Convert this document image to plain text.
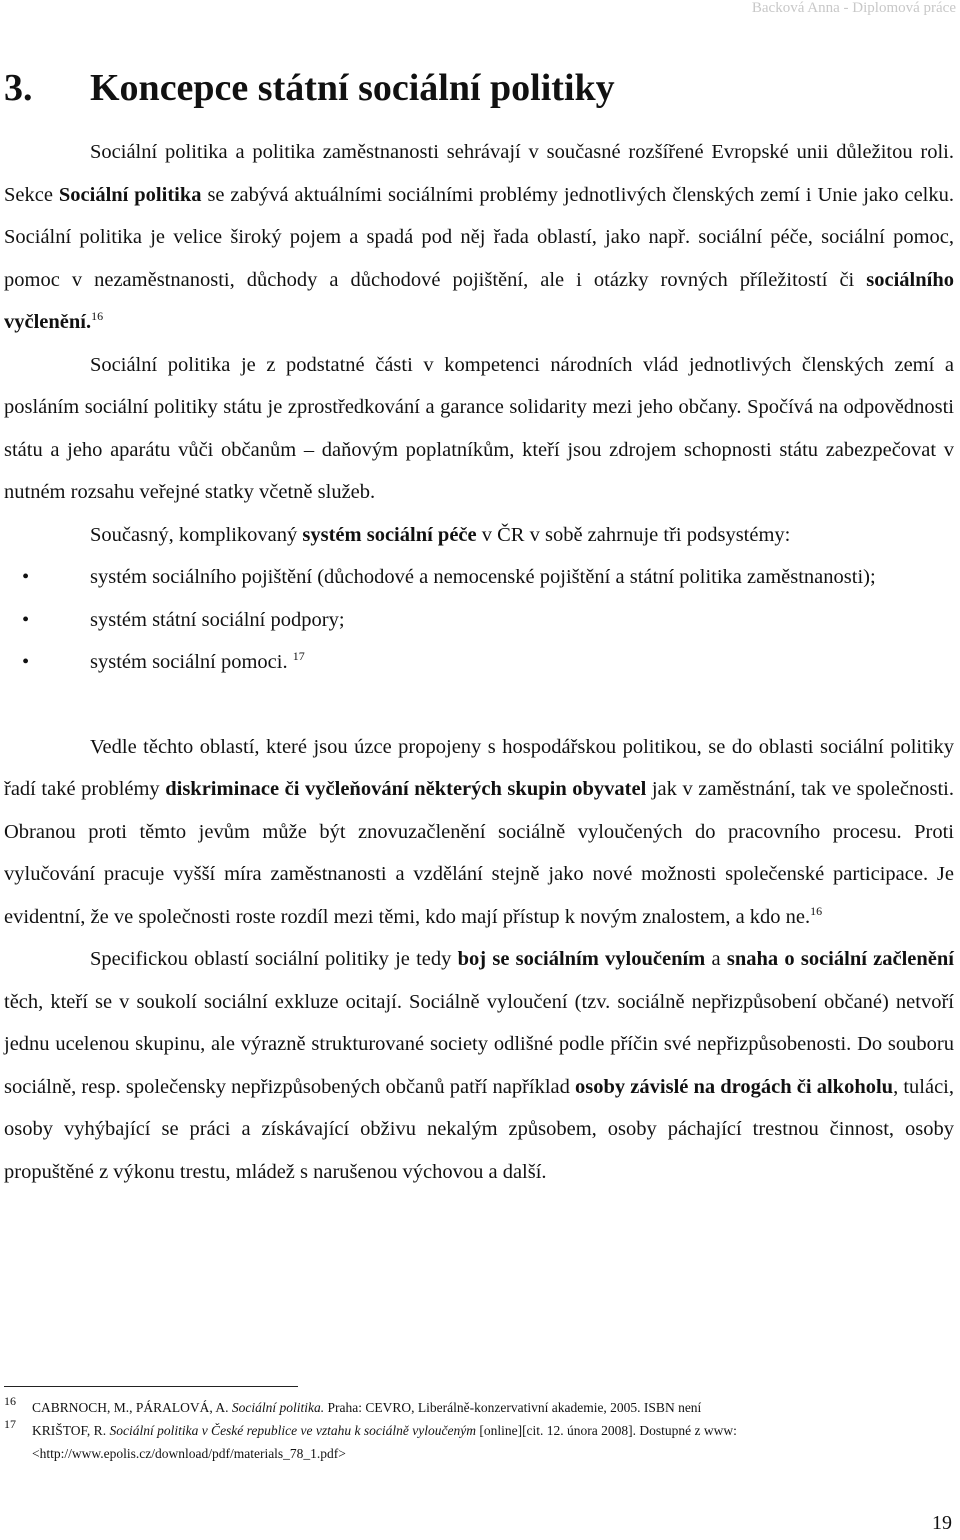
Backová Anna - Diplomová práce
3. Koncepce státní sociální politiky

Sociální politika a politika zaměstnanosti sehrávají v současné rozšířené Evropské unii důležitou roli. Sekce Sociální politika se zabývá aktuálními sociálními problémy jednotlivých členských zemí i Unie jako celku. Sociální politika je velice široký pojem a spadá pod něj řada oblastí, jako např. sociální péče, sociální pomoc, pomoc v nezaměstnanosti, důchody a důchodové pojištění, ale i otázky rovných příležitostí či sociálního vyčlenění.$^{16}$

Sociální politika je z podstatné části v kompetenci národních vlád jednotlivých členských zemí a posláním sociální politiky státu je zprostředkování a garance solidarity mezi jeho občany. Spočívá na odpovědnosti státu a jeho aparátu vůči občanům – daňovým poplatníkům, kteří jsou zdrojem schopnosti státu zabezpečovat v nutném rozsahu veřejné statky včetně služeb.

Současný, komplikovaný systém sociální péče v ČR v sobě zahrnuje tři podsystémy:

•	systém sociálního pojištění (důchodové a nemocenské pojištění a státní politika zaměstnanosti);
•	systém státní sociální podpory;
•	systém sociální pomoci. $^{17}$

Vedle těchto oblastí, které jsou úzce propojeny s hospodářskou politikou, se do oblasti sociální politiky řadí také problémy diskriminace či vyčleňování některých skupin obyvatel jak v zaměstnání, tak ve společnosti. Obranou proti těmto jevům může být znovuzačlenění sociálně vyloučených do pracovního procesu. Proti vylučování pracuje vyšší míra zaměstnanosti a vzdělání stejně jako nové možnosti společenské participace. Je evidentní, že ve společnosti roste rozdíl mezi těmi, kdo mají přístup k novým znalostem, a kdo ne.$^{16}$

Specifickou oblastí sociální politiky je tedy boj se sociálním vyloučením a snaha o sociální začlenění těch, kteří se v soukolí sociální exkluze ocitají. Sociálně vyloučení (tzv. sociálně nepřizpůsobení občané) netvoří jednu ucelenou skupinu, ale výrazně strukturované society odlišné podle příčin své nepřizpůsobenosti. Do souboru sociálně, resp. společensky nepřizpůsobených občanů patří například osoby závislé na drogách či alkoholu, tuláci, osoby vyhýbající se práci a získávající obživu nekalým způsobem, osoby páchající trestnou činnost, osoby propuštěné z výkonu trestu, mládež s narušenou výchovou a další.

16 CABRNOCH, M., PÁRALOVÁ, A. Sociální politika. Praha: CEVRO, Liberálně-konzervativní akademie, 2005. ISBN není
17 KRIŠTOF, R. Sociální politika v České republice ve vztahu k sociálně vyloučeným [online][cit. 12. února 2008]. Dostupné z www: <http://www.epolis.cz/download/pdf/materials_78_1.pdf>
19
